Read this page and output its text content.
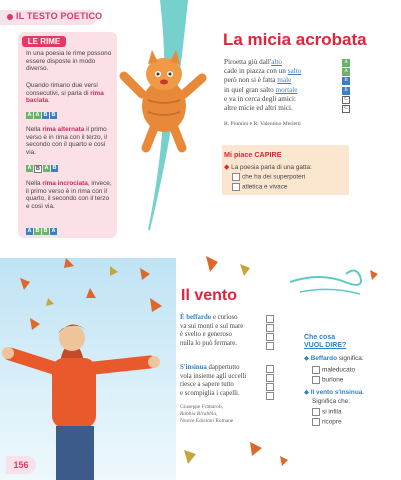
IL TESTO POETICO
LE RIME
In una poesia le rime possono essere disposte in modo diverso.
Quando rimano due versi consecutivi, si parla di rima baciata.
A A B B
Nella rima alternata il primo verso è in rima con il terzo, il secondo con il quarto e così via.
A B A B
Nella rima incrociata, invece, il primo verso è in rima con il quarto, il secondo con il terzo e così via.
A B B A
La micia acrobata
Piroetta giù dall'alto	A
cade in piazza con un salto	A
però non si è fatta male	B
in quel gran salto mortale	B
e va in cerca degli amici:	C
altre micie ed altri mici.	C
R. Piumini e R. Valentino Merletti
Mi piace CAPIRE
◆ La poesia parla di una gatta:
che ha dei superpoteri
atletica e vivace
Il vento
È beffardo e curioso
va sui monti e sul mare
è svelto e generoso
nulla lo può fermare.
S'insinua dappertutto
vola insieme agli uccelli
riesce a sapere tutto
e scompiglia i capelli.
Giuseppe Frattaroli,
Rabbia Birabbia,
Nuove Edizioni Romane
Che cosa
VUOL DIRE?
◆ Beffardo significa:
maleducato
burlone
◆ Il vento s'insinua.
Significa che:
si infila
ricopre
156
